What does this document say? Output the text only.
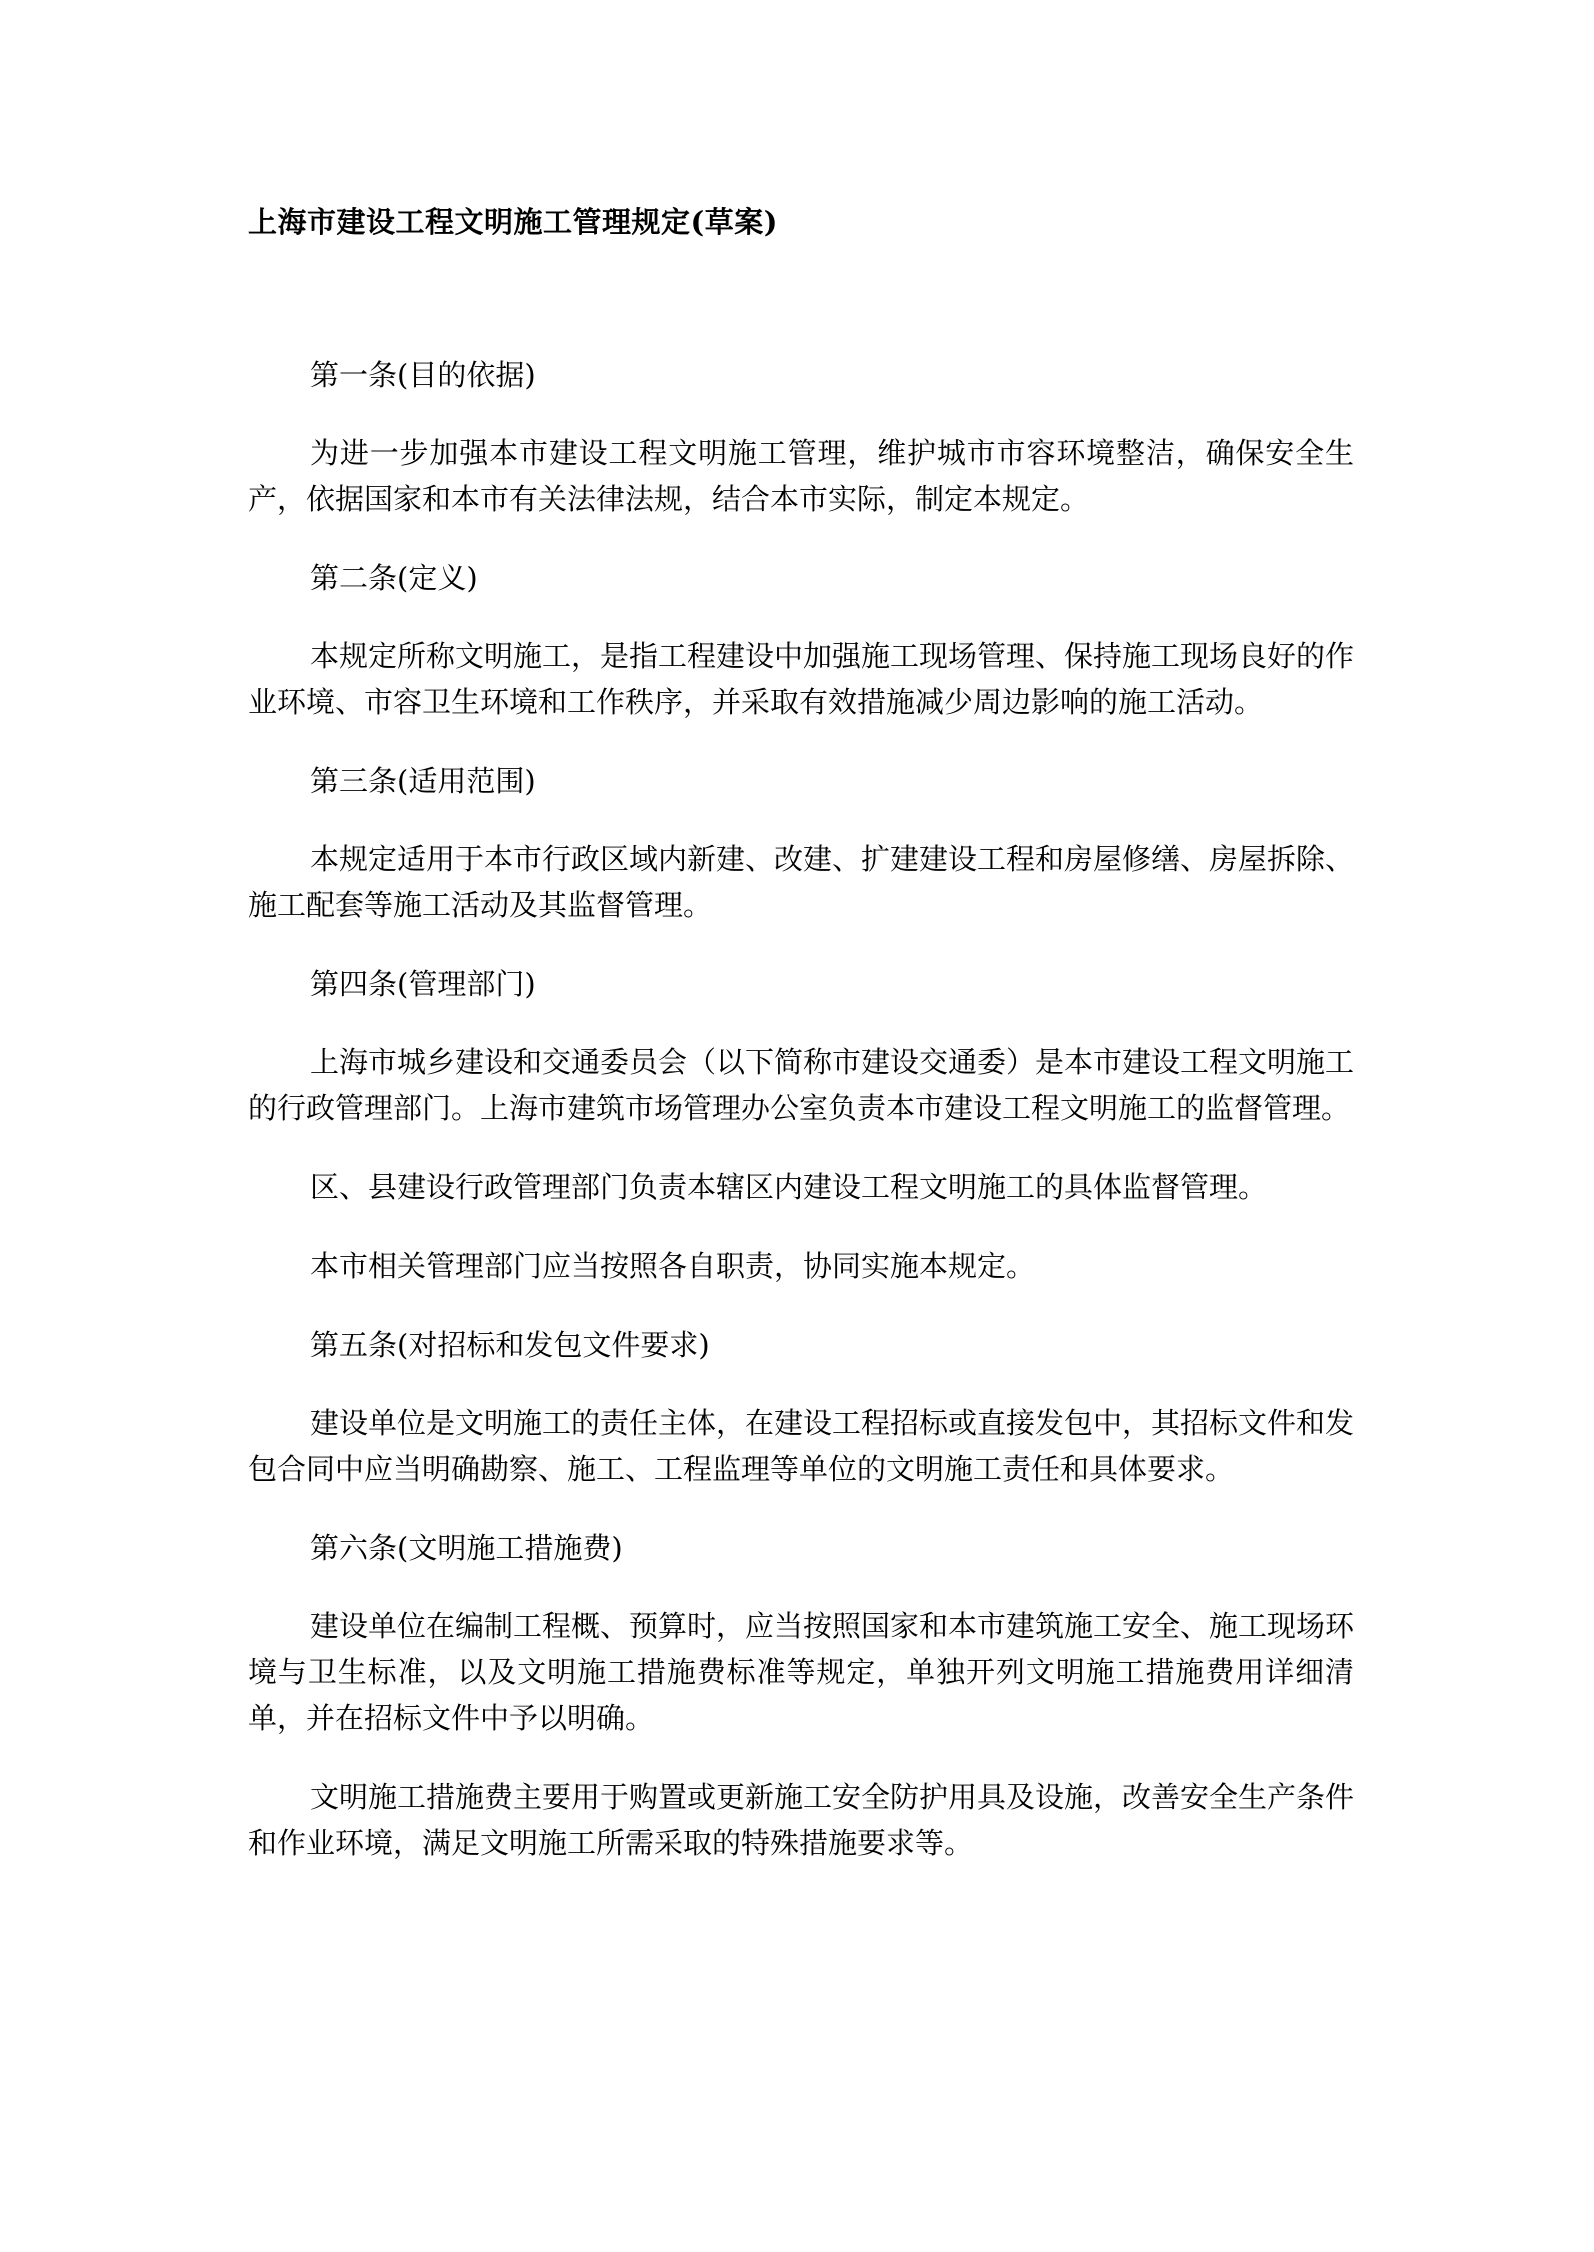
上海市建设工程文明施工管理规定(草案)

第一条(目的依据)

为进一步加强本市建设工程文明施工管理，维护城市市容环境整洁，确保安全生产，依据国家和本市有关法律法规，结合本市实际，制定本规定。

第二条(定义)

本规定所称文明施工，是指工程建设中加强施工现场管理、保持施工现场良好的作业环境、市容卫生环境和工作秩序，并采取有效措施减少周边影响的施工活动。

第三条(适用范围)

本规定适用于本市行政区域内新建、改建、扩建建设工程和房屋修缮、房屋拆除、施工配套等施工活动及其监督管理。

第四条(管理部门)

上海市城乡建设和交通委员会（以下简称市建设交通委）是本市建设工程文明施工的行政管理部门。上海市建筑市场管理办公室负责本市建设工程文明施工的监督管理。

区、县建设行政管理部门负责本辖区内建设工程文明施工的具体监督管理。

本市相关管理部门应当按照各自职责，协同实施本规定。

第五条(对招标和发包文件要求)

建设单位是文明施工的责任主体，在建设工程招标或直接发包中，其招标文件和发包合同中应当明确勘察、施工、工程监理等单位的文明施工责任和具体要求。

第六条(文明施工措施费)

建设单位在编制工程概、预算时，应当按照国家和本市建筑施工安全、施工现场环境与卫生标准，以及文明施工措施费标准等规定，单独开列文明施工措施费用详细清单，并在招标文件中予以明确。

文明施工措施费主要用于购置或更新施工安全防护用具及设施，改善安全生产条件和作业环境，满足文明施工所需采取的特殊措施要求等。
